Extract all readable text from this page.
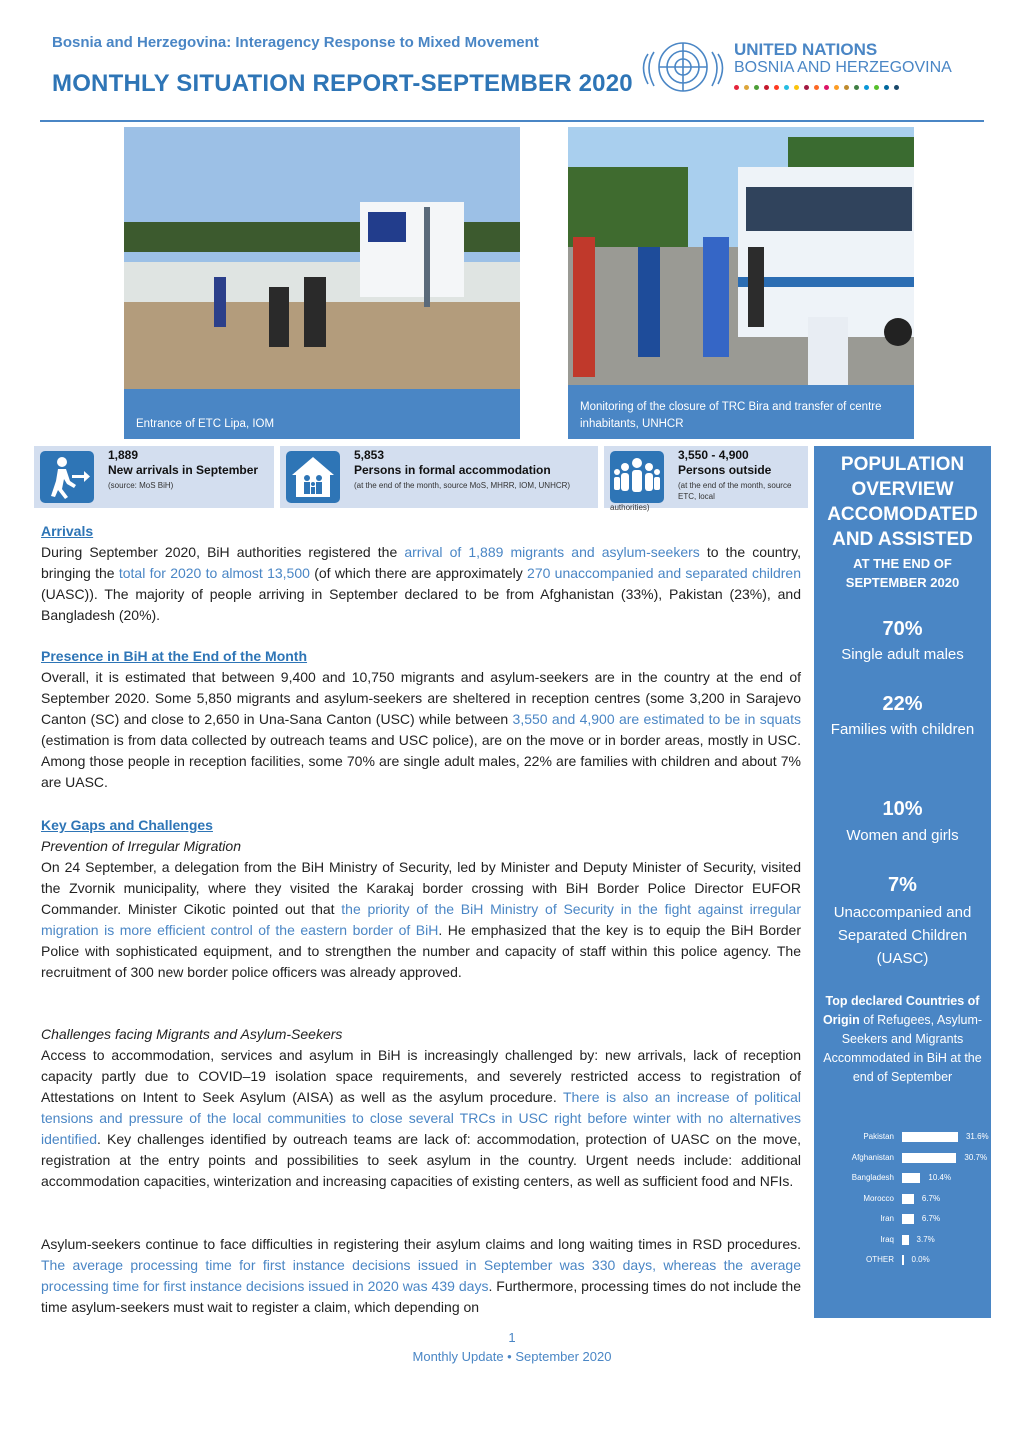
Bosnia and Herzegovina: Interagency Response to Mixed Movement
MONTHLY SITUATION REPORT-SEPTEMBER 2020
UNITED NATIONS
BOSNIA AND HERZEGOVINA
Entrance of ETC Lipa, IOM
Monitoring of the closure of TRC Bira and transfer of centre inhabitants, UNHCR
1,889
New arrivals in September
(source: MoS BiH)
5,853
Persons in formal accommodation
(at the end of the month, source MoS, MHRR, IOM, UNHCR)
3,550 - 4,900
Persons outside
(at the end of the month, source ETC, local
authorities)
Arrivals

During September 2020, BiH authorities registered the arrival of 1,889 migrants and asylum-seekers to the country, bringing the total for 2020 to almost 13,500 (of which there are approximately 270 unaccompanied and separated children (UASC)). The majority of people arriving in September declared to be from Afghanistan (33%), Pakistan (23%), and Bangladesh (20%).

Presence in BiH at the End of the Month

Overall, it is estimated that between 9,400 and 10,750 migrants and asylum-seekers are in the country at the end of September 2020. Some 5,850 migrants and asylum-seekers are sheltered in reception centres (some 3,200 in Sarajevo Canton (SC) and close to 2,650 in Una-Sana Canton (USC) while between 3,550 and 4,900 are estimated to be in squats (estimation is from data collected by outreach teams and USC police), are on the move or in border areas, mostly in USC. Among those people in reception facilities, some 70% are single adult males, 22% are families with children and about 7% are UASC.

Key Gaps and Challenges

Prevention of Irregular Migration

On 24 September, a delegation from the BiH Ministry of Security, led by Minister and Deputy Minister of Security, visited the Zvornik municipality, where they visited the Karakaj border crossing with BiH Border Police Director EUFOR Commander. Minister Cikotic pointed out that the priority of the BiH Ministry of Security in the fight against irregular migration is more efficient control of the eastern border of BiH. He emphasized that the key is to equip the BiH Border Police with sophisticated equipment, and to strengthen the number and capacity of staff within this police agency. The recruitment of 300 new border police officers was already approved.

Challenges facing Migrants and Asylum-Seekers

Access to accommodation, services and asylum in BiH is increasingly challenged by: new arrivals, lack of reception capacity partly due to COVID–19 isolation space requirements, and severely restricted access to registration of Attestations on Intent to Seek Asylum (AISA) as well as the asylum procedure. There is also an increase of political tensions and pressure of the local communities to close several TRCs in USC right before winter with no alternatives identified. Key challenges identified by outreach teams are lack of: accommodation, protection of UASC on the move, registration at the entry points and possibilities to seek asylum in the country. Urgent needs include: additional accommodation capacities, winterization and increasing capacities of existing centers, as well as sufficient food and NFIs.

Asylum-seekers continue to face difficulties in registering their asylum claims and long waiting times in RSD procedures. The average processing time for first instance decisions issued in September was 330 days, whereas the average processing time for first instance decisions issued in 2020 was 439 days. Furthermore, processing times do not include the time asylum-seekers must wait to register a claim, which depending on

POPULATION OVERVIEW ACCOMODATED AND ASSISTED
AT THE END OF SEPTEMBER 2020
70%
Single adult males
22%
Families with children
10%
Women and girls
7%
Unaccompanied and Separated Children (UASC)
Top declared Countries of Origin of Refugees, Asylum-Seekers and Migrants Accommodated in BiH at the end of September
Pakistan	31.6%
Afghanistan	30.7%
Bangladesh	10.4%
Morocco	6.7%
Iran	6.7%
Iraq	3.7%
OTHER 0.0%
1
Monthly Update • September 2020
